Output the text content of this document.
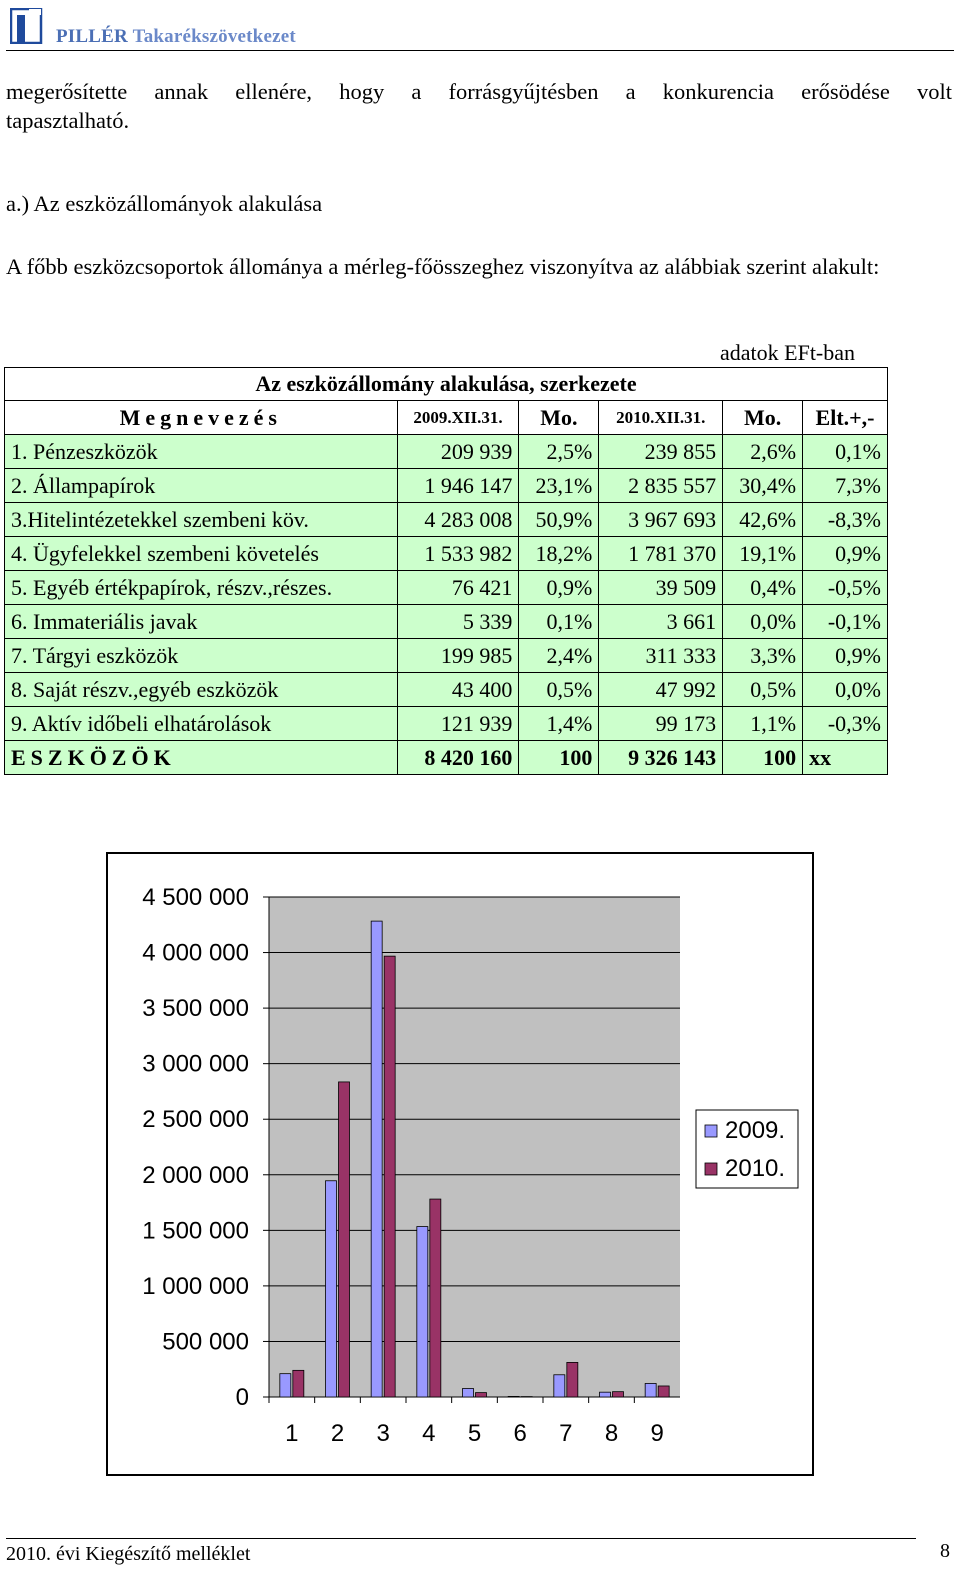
PILLÉR Takarékszövetkezet
megerősítette annak ellenére, hogy a forrásgyűjtésben a konkurencia erősödése volt
tapasztalható.
a.) Az eszközállományok alakulása
A főbb eszközcsoportok állománya a mérleg-főösszeghez viszonyítva az alábbiak szerint alakult:
adatok EFt-ban
Az eszközállomány alakulása, szerkezete					
Megnevezés	2009.XII.31.	Mo.	2010.XII.31.	Mo.	Elt.+,-
1. Pénzeszközök	209 939	2,5%	239 855	2,6%	0,1%
2. Állampapírok	1 946 147	23,1%	2 835 557	30,4%	7,3%
3.Hitelintézetekkel szembeni köv.	4 283 008	50,9%	3 967 693	42,6%	-8,3%
4. Ügyfelekkel szembeni követelés	1 533 982	18,2%	1 781 370	19,1%	0,9%
5. Egyéb értékpapírok, részv.,részes.	76 421	0,9%	39 509	0,4%	-0,5%
6. Immateriális javak	5 339	0,1%	3 661	0,0%	-0,1%
7. Tárgyi eszközök	199 985	2,4%	311 333	3,3%	0,9%
8. Saját részv.,egyéb eszközök	43 400	0,5%	47 992	0,5%	0,0%
9. Aktív időbeli elhatárolások	121 939	1,4%	99 173	1,1%	-0,3%
ESZKÖZÖK	8 420 160	100	9 326 143	100	xx
0
500 000
1 000 000
1 500 000
2 000 000
2 500 000
3 000 000
3 500 000
4 000 000
4 500 000
1 2 3 4 5 6 7 8 9
2009.
2010.
2010. évi Kiegészítő melléklet	8
